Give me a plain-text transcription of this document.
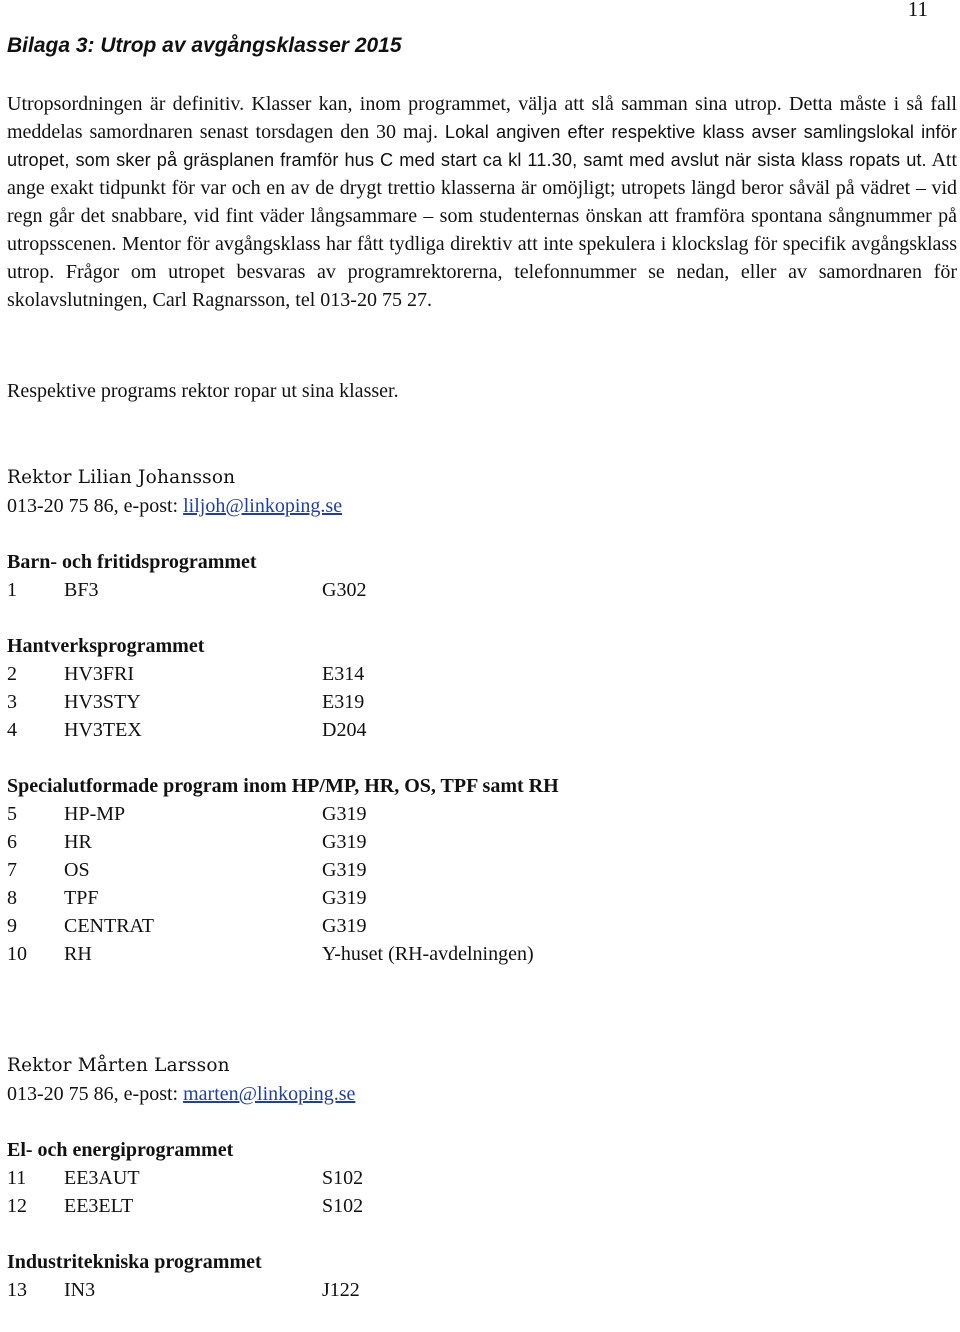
11
Bilaga 3: Utrop av avgångsklasser 2015
Utropsordningen är definitiv. Klasser kan, inom programmet, välja att slå samman sina utrop. Detta måste i så fall meddelas samordnaren senast torsdagen den 30 maj. Lokal angiven efter respektive klass avser samlingslokal inför utropet, som sker på gräsplanen framför hus C med start ca kl 11.30, samt med avslut när sista klass ropats ut. Att ange exakt tidpunkt för var och en av de drygt trettio klasserna är omöjligt; utropets längd beror såväl på vädret – vid regn går det snabbare, vid fint väder långsammare – som studenternas önskan att framföra spontana sångnummer på utropsscenen. Mentor för avgångsklass har fått tydliga direktiv att inte spekulera i klockslag för specifik avgångsklass utrop. Frågor om utropet besvaras av programrektorerna, telefonnummer se nedan, eller av samordnaren för skolavslutningen, Carl Ragnarsson, tel 013-20 75 27.
Respektive programs rektor ropar ut sina klasser.
Rektor Lilian Johansson
013-20 75 86, e-post: liljoh@linkoping.se
Barn- och fritidsprogrammet
1	BF3	G302
Hantverksprogrammet
2	HV3FRI	E314
3	HV3STY	E319
4	HV3TEX	D204
Specialutformade program inom HP/MP, HR, OS, TPF samt RH
5	HP-MP	G319
6	HR	G319
7	OS	G319
8	TPF	G319
9	CENTRAT	G319
10	RH	Y-huset (RH-avdelningen)
Rektor Mårten Larsson
013-20 75 86, e-post: marten@linkoping.se
El- och energiprogrammet
11	EE3AUT	S102
12	EE3ELT	S102
Industritekniska programmet
13	IN3	J122
